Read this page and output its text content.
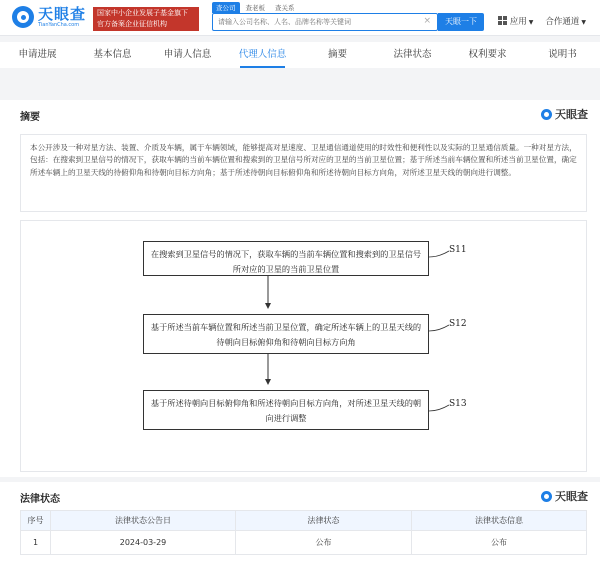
天眼查
TianYanCha.com
国家中小企业发展子基金旗下
官方备案企业征信机构
查公司	查老板	查关系
请输入公司名称、人名、品牌名称等关键词
×	天眼一下	应用 ▼ 合作通道 ▼
申请进展	基本信息	申请人信息	代理人信息	摘要	法律状态	权利要求	说明书
摘要	天眼查
本公开涉及一种对星方法、装置、介质及车辆，属于车辆领域，能够提高对星速度、卫星通信通道使用的时效性和便利性以及实际的卫星通信质量。一种对星方法，包括：在搜索到卫星信号的情况下，获取车辆的当前车辆位置和搜索到的卫星信号所对应的卫星的当前卫星位置；基于所述当前车辆位置和所述当前卫星位置，确定所述车辆上的卫星天线的待俯仰角和待朝向目标方向角；基于所述待朝向目标俯仰角和所述待朝向目标方向角，对所述卫星天线的朝向进行调整。
在搜索到卫星信号的情况下，获取车辆的当前车辆位置和搜索到的卫星信号所对应的卫星的当前卫星位置
S11
基于所述当前车辆位置和所述当前卫星位置，确定所述车辆上的卫星天线的待朝向目标俯仰角和待朝向目标方向角
S12
基于所述待朝向目标俯仰角和所述待朝向目标方向角，对所述卫星天线的朝向进行调整
S13
法律状态	天眼查
序号	法律状态公告日	法律状态	法律状态信息
1	2024-03-29	公布	公布
